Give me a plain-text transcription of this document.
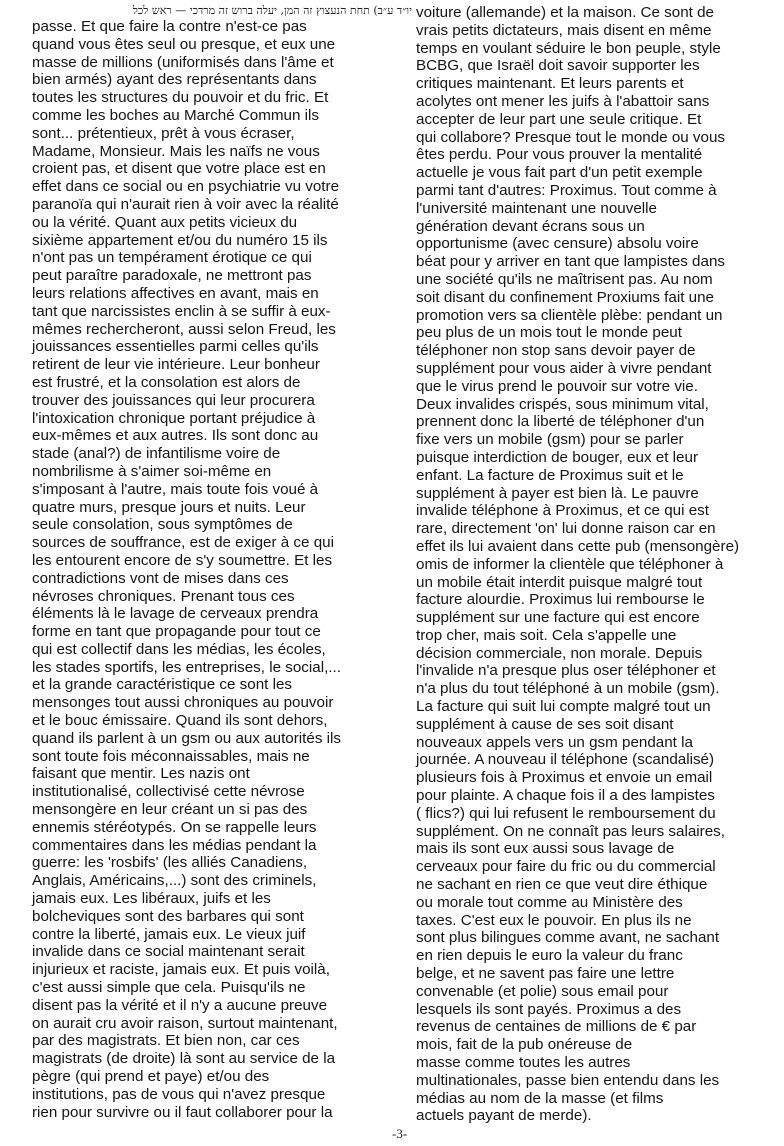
יו״ד ע״ב) תחת הנעצוץ זה המן, יעלה ברוש זה מרדכי — ראש לכל
passe. Et que faire la contre n'est-ce pas
quand vous êtes seul ou presque, et eux une
masse de millions (uniformisés dans l'âme et
bien armés) ayant des représentants dans
toutes les structures du pouvoir et du fric. Et
comme les boches au Marché Commun ils
sont... prétentieux, prêt à vous écraser,
Madame, Monsieur. Mais les naïfs ne vous
croient pas, et disent que votre place est en
effet dans ce social ou en psychiatrie vu votre
paranoïa qui n'aurait rien à voir avec la réalité
ou la vérité. Quant aux petits vicieux du
sixième appartement et/ou du numéro 15 ils
n'ont pas un tempérament érotique ce qui
peut paraître paradoxale, ne mettront pas
leurs relations affectives en avant, mais en
tant que narcissistes enclin à se suffir à eux-
mêmes rechercheront, aussi selon Freud, les
jouissances essentielles parmi celles qu'ils
retirent de leur vie intérieure. Leur bonheur
est frustré, et la consolation est alors de
trouver des jouissances qui leur procurera
l'intoxication chronique portant préjudice à
eux-mêmes et aux autres. Ils sont donc au
stade (anal?) de infantilisme voire de
nombrilisme à s'aimer soi-même en
s'imposant à l'autre, mais toute fois voué à
quatre murs, presque jours et nuits. Leur
seule consolation, sous symptômes de
sources de souffrance, est de exiger à ce qui
les entourent encore de s'y soumettre. Et les
contradictions vont de mises dans ces
névroses chroniques. Prenant tous ces
éléments là le lavage de cerveaux prendra
forme en tant que propagande pour tout ce
qui est collectif dans les médias, les écoles,
les stades sportifs, les entreprises, le social,...
et la grande caractéristique ce sont les
mensonges tout aussi chroniques au pouvoir
et le bouc émissaire. Quand ils sont dehors,
quand ils parlent à un gsm ou aux autorités ils
sont toute fois méconnaissables, mais ne
faisant que mentir. Les nazis ont
institutionalisé, collectivisé cette névrose
mensongère en leur créant un si pas des
ennemis stéréotypés. On se rappelle leurs
commentaires dans les médias pendant la
guerre: les 'rosbifs' (les alliés Canadiens,
Anglais, Américains,...) sont des criminels,
jamais eux. Les libéraux, juifs et les
bolcheviques sont des barbares qui sont
contre la liberté, jamais eux. Le vieux juif
invalide dans ce social maintenant serait
injurieux et raciste, jamais eux. Et puis voilà,
c'est aussi simple que cela. Puisqu'ils ne
disent pas la vérité et il n'y a aucune preuve
on aurait cru avoir raison, surtout maintenant,
par des magistrats. Et bien non, car ces
magistrats (de droite) là sont au service de la
pègre (qui prend et paye) et/ou des
institutions, pas de vous qui n'avez presque
rien pour survivre ou il faut collaborer pour la
voiture (allemande) et la maison. Ce sont de
vrais petits dictateurs, mais disent en même
temps en voulant séduire le bon peuple, style
BCBG, que Israël doit savoir supporter les
critiques maintenant. Et leurs parents et
acolytes ont mener les juifs à l'abattoir sans
accepter de leur part une seule critique. Et
qui collabore? Presque tout le monde ou vous
êtes perdu. Pour vous prouver la mentalité
actuelle je vous fait part d'un petit exemple
parmi tant d'autres: Proximus. Tout comme à
l'université maintenant une nouvelle
génération devant écrans sous un
opportunisme (avec censure) absolu voire
béat pour y arriver en tant que lampistes dans
une société qu'ils ne maîtrisent pas. Au nom
soit disant du confinement Proxiums fait une
promotion vers sa clientèle plèbe: pendant un
peu plus de un mois tout le monde peut
téléphoner non stop sans devoir payer de
supplément pour vous aider à vivre pendant
que le virus prend le pouvoir sur votre vie.
Deux invalides crispés, sous minimum vital,
prennent donc la liberté de téléphoner d'un
fixe vers un mobile (gsm) pour se parler
puisque interdiction de bouger, eux et leur
enfant. La facture de Proximus suit et le
supplément à payer est bien là. Le pauvre
invalide téléphone à Proximus, et ce qui est
rare, directement 'on' lui donne raison car en
effet ils lui avaient dans cette pub (mensongère)
omis de informer la clientèle que téléphoner à
un mobile était interdit puisque malgré tout
facture alourdie. Proximus lui rembourse le
supplément sur une facture qui est encore
trop cher, mais soit. Cela s'appelle une
décision commerciale, non morale. Depuis
l'invalide n'a presque plus oser téléphoner et
n'a plus du tout téléphoné à un mobile (gsm).
La facture qui suit lui compte malgré tout un
supplément à cause de ses soit disant
nouveaux appels vers un gsm pendant la
journée. A nouveau il téléphone (scandalisé)
plusieurs fois à Proximus et envoie un email
pour plainte. A chaque fois il a des lampistes
( flics?) qui lui refusent le remboursement du
supplément. On ne connaît pas leurs salaires,
mais ils sont eux aussi sous lavage de
cerveaux pour faire du fric ou du commercial
ne sachant en rien ce que veut dire éthique
ou morale tout comme au Ministère des
taxes. C'est eux le pouvoir. En plus ils ne
sont plus bilingues comme avant, ne sachant
en rien depuis le euro la valeur du franc
belge, et ne savent pas faire une lettre
convenable (et polie) sous email pour
lesquels ils sont payés. Proximus a des
revenus de centaines de millions de € par
mois, fait de la pub onéreuse de
masse comme toutes les autres
multinationales, passe bien entendu dans les
médias au nom de la masse (et films
actuels payant de merde).
-3-
